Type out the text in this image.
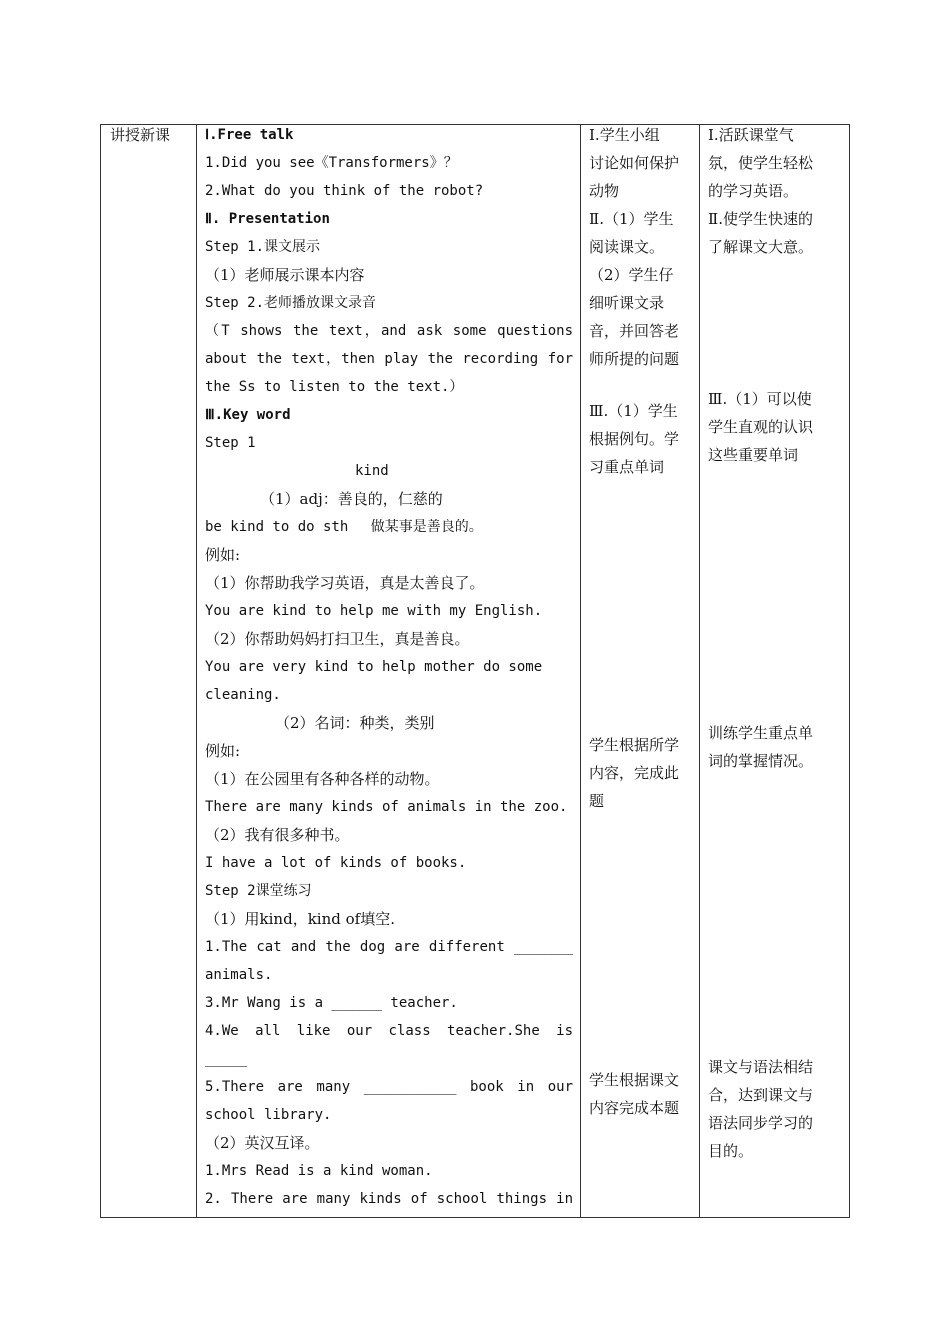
讲授新课 Ⅰ.Free talk
1.Did you see《Transformers》？
2.What do you think of the robot?
Ⅱ. Presentation
Step 1.课文展示
（1）老师展示课本内容
Step 2.老师播放课文录音
（T shows the text，and ask some questions
about the text，then play the recording for
the Ss to listen to the text.）
Ⅲ.Key word
Step 1
kind
（1）adj：善良的，仁慈的
be kind to do sth　 做某事是善良的。
例如:
（1）你帮助我学习英语，真是太善良了。
You are kind to help me with my English.
（2）你帮助妈妈打扫卫生，真是善良。
You are very kind to help mother do some
cleaning.
（2）名词：种类，类别
例如:
（1）在公园里有各种各样的动物。
There are many kinds of animals in the zoo.
（2）我有很多种书。
I have a lot of kinds of books.
Step 2课堂练习
（1）用kind，kind of填空.
1.The cat and the dog are different _______
animals.
3.Mr Wang is a ______ teacher.
4.We all like our class teacher.She is
_____
5.There are many ___________ book in our
school library.
（2）英汉互译。
1.Mrs Read is a kind woman.
2. There are many kinds of school things in
Ⅰ.学生小组
讨论如何保护
动物
Ⅱ.（1）学生
阅读课文。
（2）学生仔
细听课文录
音，并回答老
师所提的问题
Ⅲ.（1）学生
根据例句。学
习重点单词
学生根据所学
内容，完成此
题
学生根据课文
内容完成本题
Ⅰ.活跃课堂气
氛，使学生轻松
的学习英语。
Ⅱ.使学生快速的
了解课文大意。
Ⅲ.（1）可以使
学生直观的认识
这些重要单词
训练学生重点单
词的掌握情况。
课文与语法相结
合，达到课文与
语法同步学习的
目的。
